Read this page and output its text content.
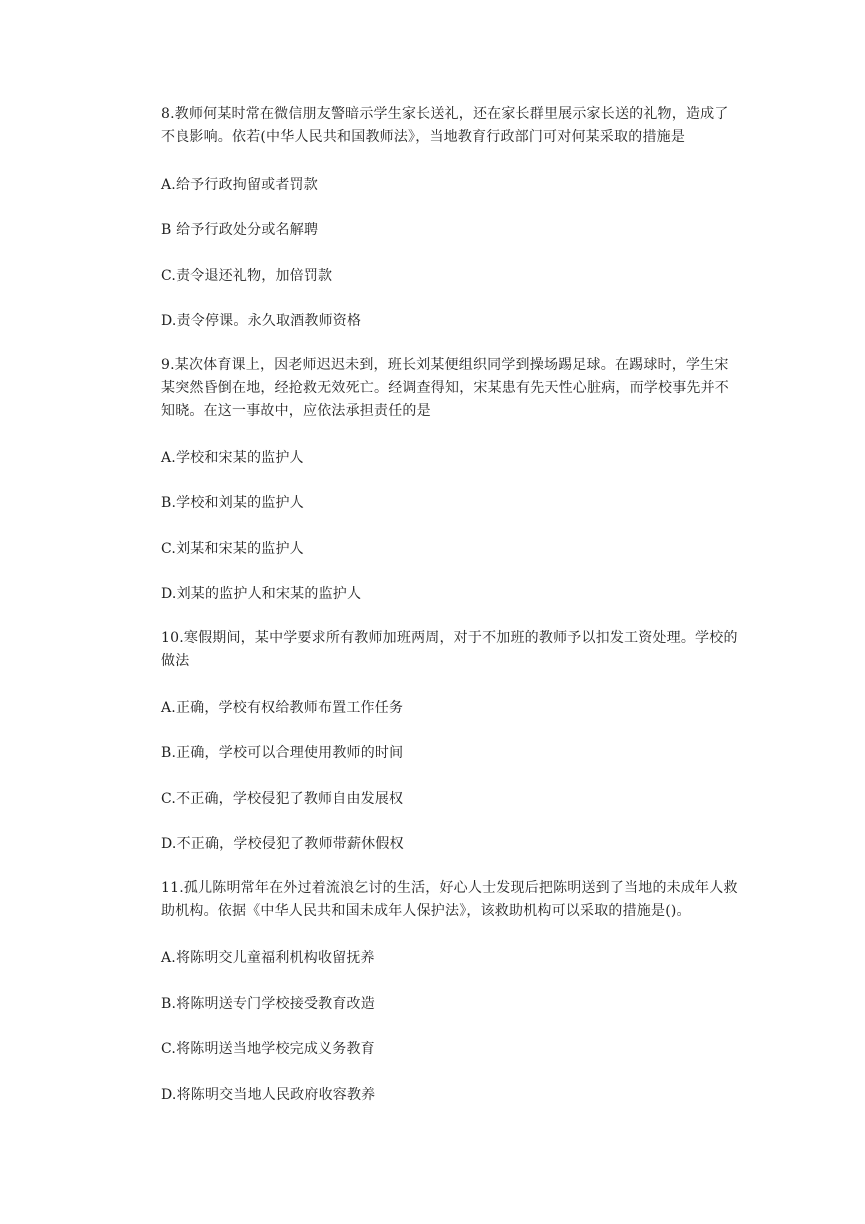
8.教师何某时常在微信朋友警暗示学生家长送礼，还在家长群里展示家长送的礼物，造成了不良影响。依若(中华人民共和国教师法》，当地教育行政部门可对何某采取的措施是
A.给予行政拘留或者罚款
B 给予行政处分或名解聘
C.责令退还礼物，加倍罚款
D.责令停课。永久取酒教师资格
9.某次体育课上，因老师迟迟未到，班长刘某便组织同学到操场踢足球。在踢球时，学生宋某突然昏倒在地，经抢救无效死亡。经调查得知，宋某患有先天性心脏病，而学校事先并不知晓。在这一事故中，应依法承担责任的是
A.学校和宋某的监护人
B.学校和刘某的监护人
C.刘某和宋某的监护人
D.刘某的监护人和宋某的监护人
10.寒假期间，某中学要求所有教师加班两周，对于不加班的教师予以扣发工资处理。学校的做法
A.正确，学校有权给教师布置工作任务
B.正确，学校可以合理使用教师的时间
C.不正确，学校侵犯了教师自由发展权
D.不正确，学校侵犯了教师带薪休假权
11.孤儿陈明常年在外过着流浪乞讨的生活，好心人士发现后把陈明送到了当地的未成年人救助机构。依据《中华人民共和国未成年人保护法》，该救助机构可以采取的措施是()。
A.将陈明交儿童福利机构收留抚养
B.将陈明送专门学校接受教育改造
C.将陈明送当地学校完成义务教育
D.将陈明交当地人民政府收容教养
